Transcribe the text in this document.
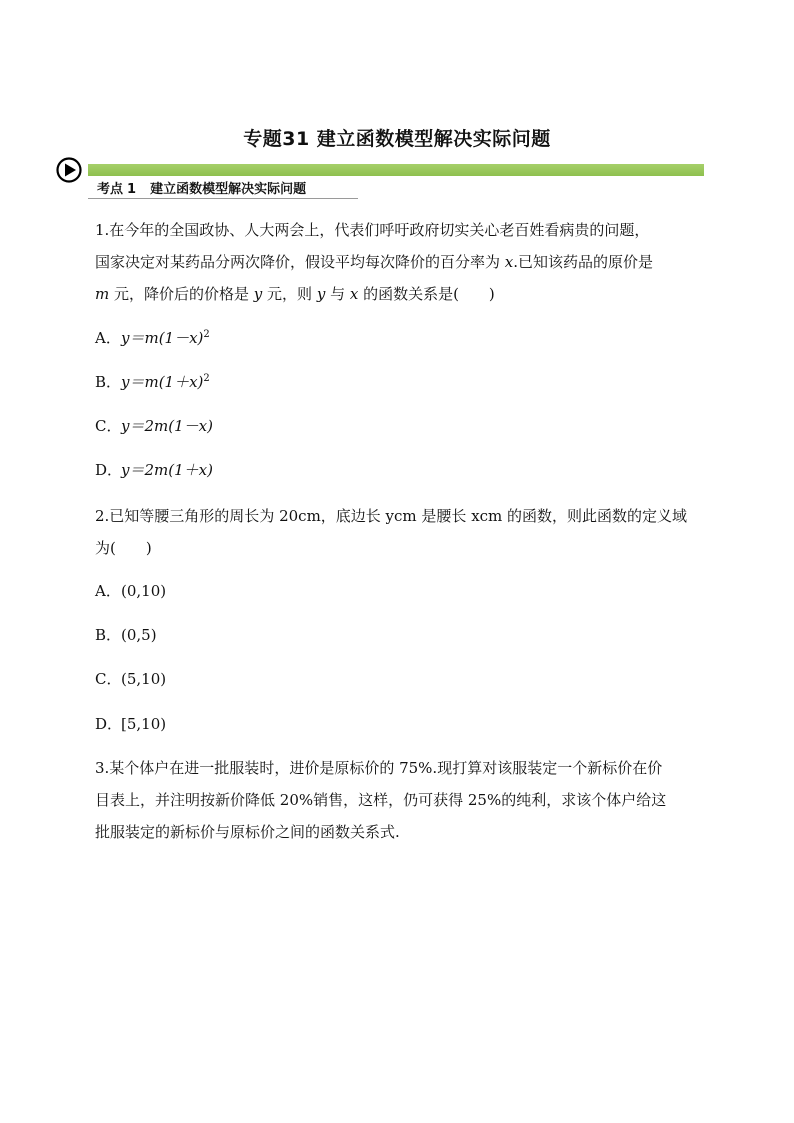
专题31 建立函数模型解决实际问题
考点 1 建立函数模型解决实际问题
1.在今年的全国政协、人大两会上，代表们呼吁政府切实关心老百姓看病贵的问题，
国家决定对某药品分两次降价，假设平均每次降价的百分率为 x.已知该药品的原价是
m 元，降价后的价格是 y 元，则 y 与 x 的函数关系是(　　)
A．$y=m(1-x)^2$
B．$y=m(1+x)^2$
C．y＝2m(1－x)
D．y＝2m(1＋x)
2.已知等腰三角形的周长为 20cm，底边长 ycm 是腰长 xcm 的函数，则此函数的定义域
为(　　)
A．(0,10)
B．(0,5)
C．(5,10)
D．[5,10)
3.某个体户在进一批服装时，进价是原标价的 75%.现打算对该服装定一个新标价在价
目表上，并注明按新价降低 20%销售，这样，仍可获得 25%的纯利，求该个体户给这
批服装定的新标价与原标价之间的函数关系式.
